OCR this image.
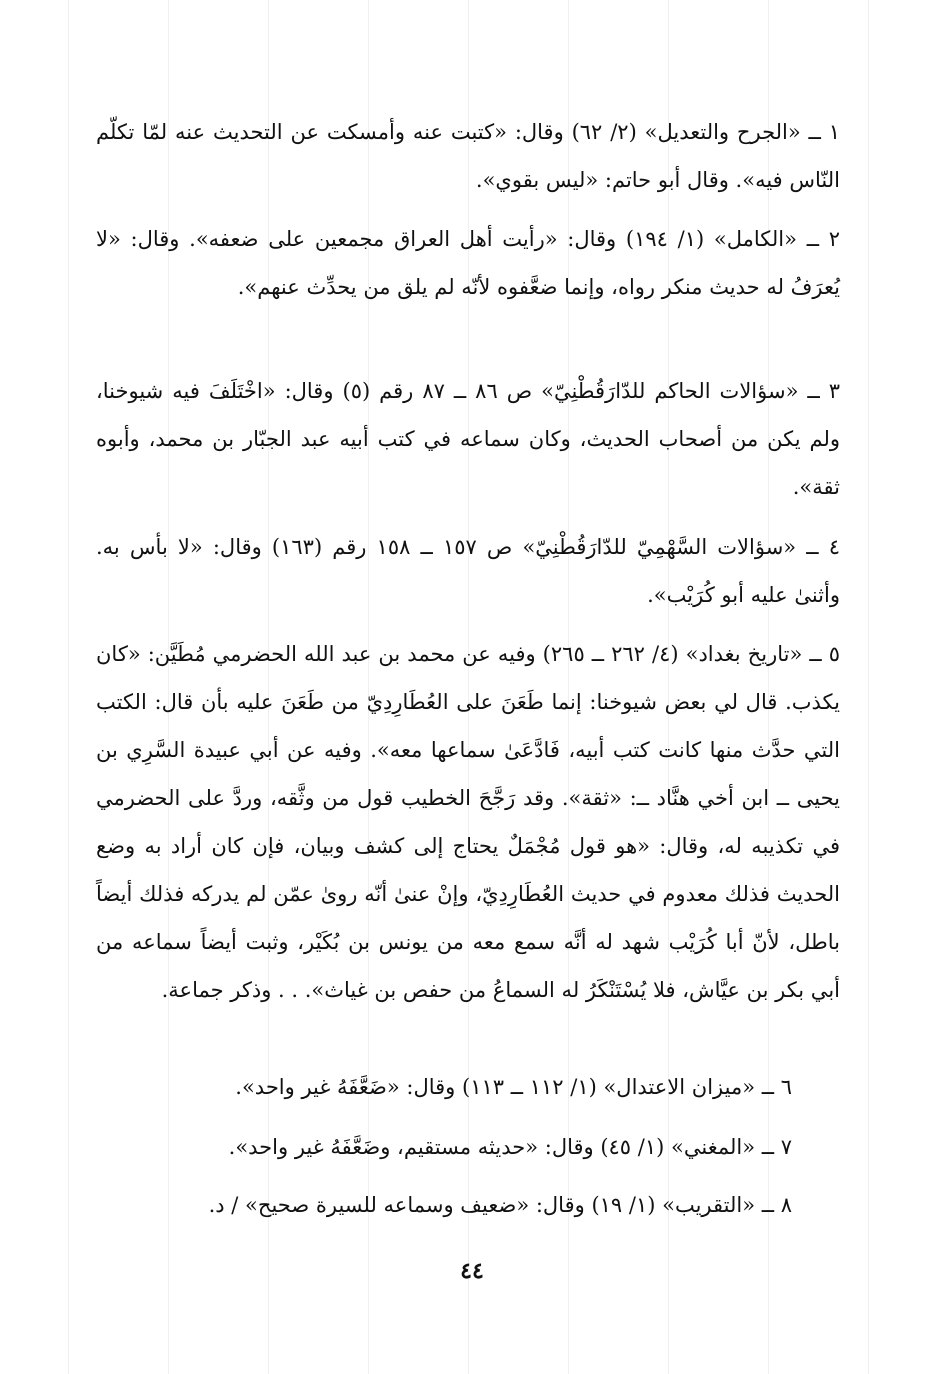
١ ــ «الجرح والتعديل» (٢/ ٦٢) وقال: «كتبت عنه وأمسكت عن التحديث عنه لمّا تكلّم النّاس فيه». وقال أبو حاتم: «ليس بقوي».

٢ ــ «الكامل» (١/ ١٩٤) وقال: «رأيت أهل العراق مجمعين على ضعفه». وقال: «لا يُعرَفُ له حديث منكر رواه، وإنما ضعَّفوه لأنّه لم يلق من يحدِّث عنهم».

٣ ــ «سؤالات الحاكم للدّارَقُطْنِيّ» ص ٨٦ ــ ٨٧ رقم (٥) وقال: «اخْتَلَفَ فيه شيوخنا، ولم يكن من أصحاب الحديث، وكان سماعه في كتب أبيه عبد الجبّار بن محمد، وأبوه ثقة».

٤ ــ «سؤالات السَّهْمِيّ للدّارَقُطْنِيّ» ص ١٥٧ ــ ١٥٨ رقم (١٦٣) وقال: «لا بأس به. وأثنىٰ عليه أبو كُرَيْب».

٥ ــ «تاريخ بغداد» (٤/ ٢٦٢ ــ ٢٦٥) وفيه عن محمد بن عبد الله الحضرمي مُطَيَّن: «كان يكذب. قال لي بعض شيوخنا: إنما طَعَنَ على العُطَارِدِيّ من طَعَنَ عليه بأن قال: الكتب التي حدَّث منها كانت كتب أبيه، فَادَّعَىٰ سماعها معه». وفيه عن أبي عبيدة السَّرِي بن يحيى ــ ابن أخي هنَّاد ــ: «ثقة». وقد رَجَّحَ الخطيب قول من وثَّقه، وردَّ على الحضرمي في تكذيبه له، وقال: «هو قول مُجْمَلٌ يحتاج إلى كشف وبيان، فإن كان أراد به وضع الحديث فذلك معدوم في حديث العُطَارِدِيّ، وإنْ عنىٰ أنّه روىٰ عمّن لم يدركه فذلك أيضاً باطل، لأنّ أبا كُرَيْب شهد له أنَّه سمع معه من يونس بن بُكَيْر، وثبت أيضاً سماعه من أبي بكر بن عيَّاش، فلا يُسْتَنْكَرُ له السماعُ من حفص بن غياث». . . وذكر جماعة.

٦ ــ «ميزان الاعتدال» (١/ ١١٢ ــ ١١٣) وقال: «ضَعَّفَهُ غير واحد».

٧ ــ «المغني» (١/ ٤٥) وقال: «حديثه مستقيم، وضَعَّفَهُ غير واحد».

٨ ــ «التقريب» (١/ ١٩) وقال: «ضعيف وسماعه للسيرة صحيح» / د.

٤٤
